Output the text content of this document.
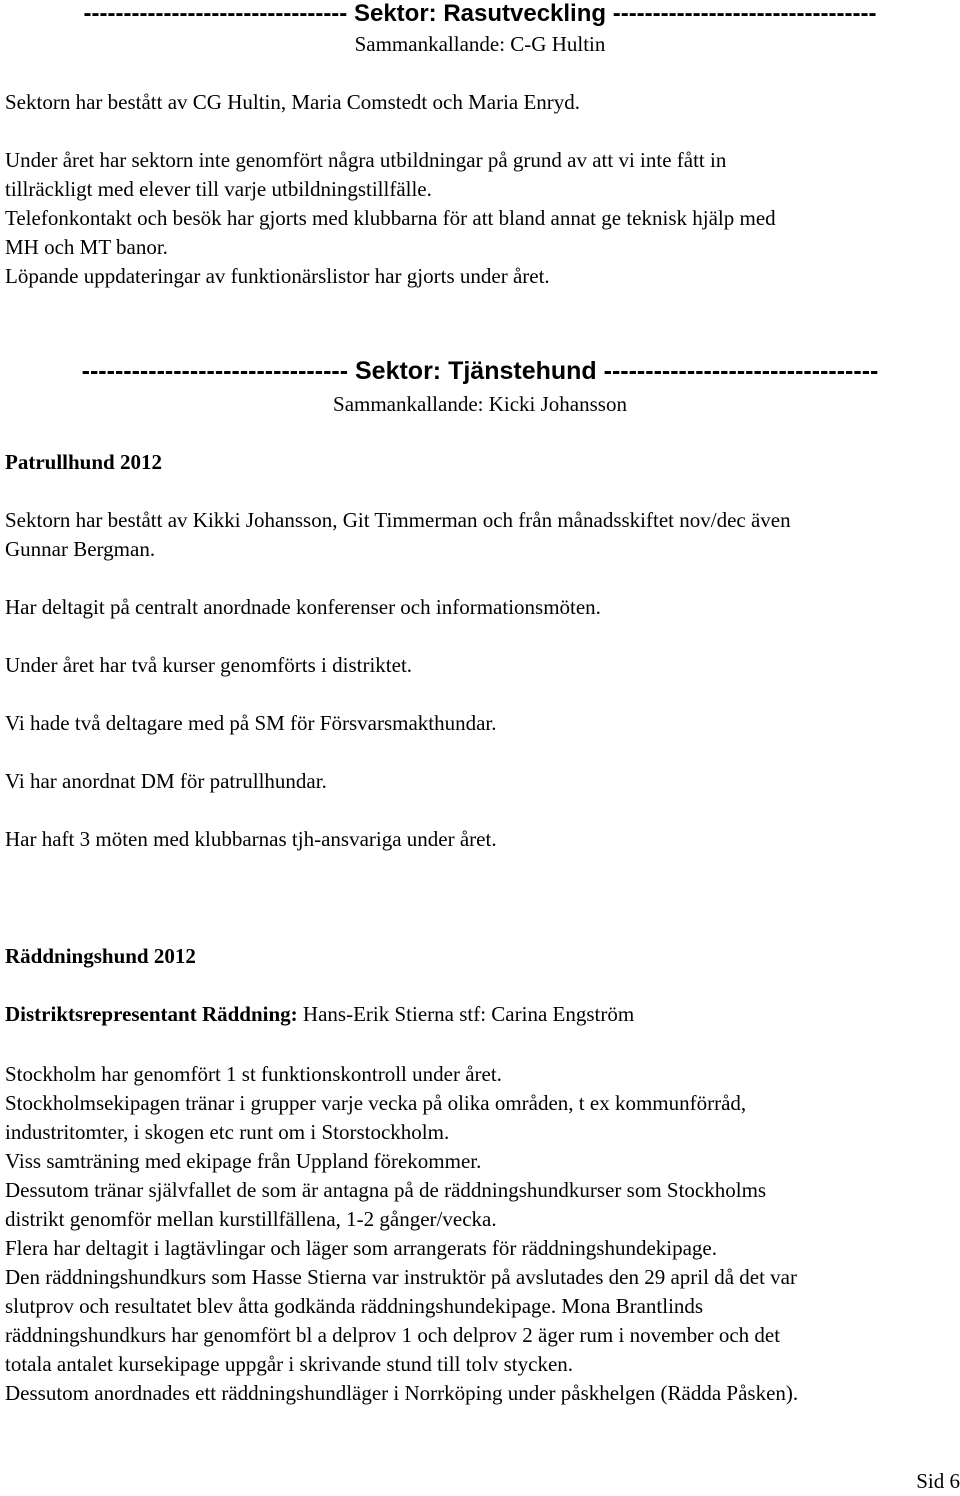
--------------------------------- Sektor: Rasutveckling ---------------------------------
Sammankallande: C-G Hultin
Sektorn har bestått av CG Hultin, Maria Comstedt och Maria Enryd.
Under året har sektorn inte genomfört några utbildningar på grund av att vi inte fått in
tillräckligt med elever till varje utbildningstillfälle.
Telefonkontakt och besök har gjorts med klubbarna för att bland annat ge teknisk hjälp med
MH och MT banor.
Löpande uppdateringar av funktionärslistor har gjorts under året.
-------------------------------- Sektor: Tjänstehund ---------------------------------
Sammankallande: Kicki Johansson
Patrullhund 2012
Sektorn har bestått av Kikki Johansson, Git Timmerman och från månadsskiftet nov/dec även
Gunnar Bergman.
Har deltagit på centralt anordnade konferenser och informationsmöten.
Under året har två kurser genomförts i distriktet.
Vi hade två deltagare med på SM för Försvarsmakthundar.
Vi har anordnat DM för patrullhundar.
Har haft 3 möten med klubbarnas tjh-ansvariga under året.
Räddningshund 2012
Distriktsrepresentant Räddning: Hans-Erik Stierna stf: Carina Engström
Stockholm har genomfört 1 st funktionskontroll under året.
Stockholmsekipagen tränar i grupper varje vecka på olika områden, t ex kommunförråd,
industritomter, i skogen etc runt om i Storstockholm.
Viss samträning med ekipage från Uppland förekommer.
Dessutom tränar självfallet de som är antagna på de räddningshundkurser som Stockholms
distrikt genomför mellan kurstillfällena, 1-2 gånger/vecka.
Flera har deltagit i lagtävlingar och läger som arrangerats för räddningshundekipage.
Den räddningshundkurs som Hasse Stierna var instruktör på avslutades den 29 april då det var
slutprov och resultatet blev åtta godkända räddningshundekipage. Mona Brantlinds
räddningshundkurs har genomfört bl a delprov 1 och delprov 2 äger rum i november och det
totala antalet kursekipage uppgår i skrivande stund till tolv stycken.
Dessutom anordnades ett räddningshundläger i Norrköping under påskhelgen (Rädda Påsken).
Sid 6
